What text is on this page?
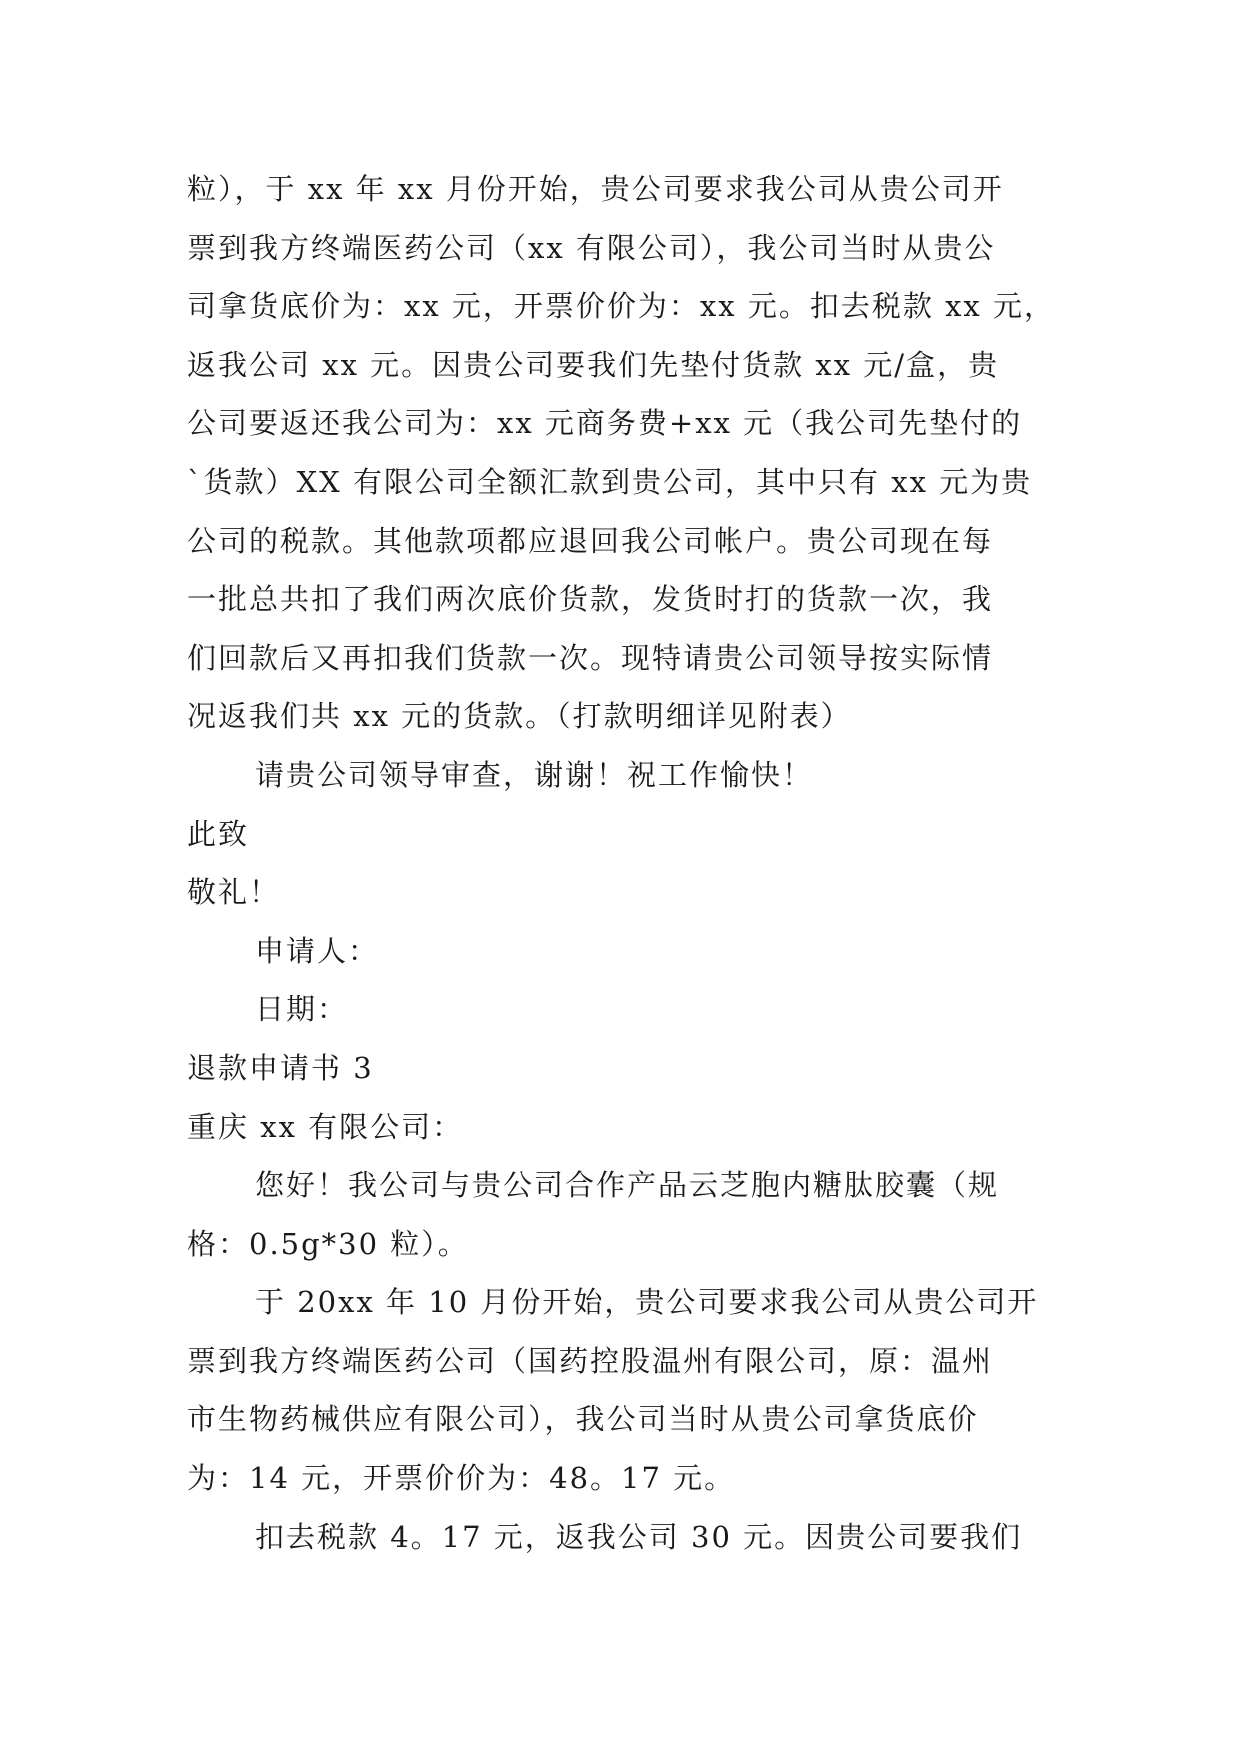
粒），于 xx 年 xx 月份开始，贵公司要求我公司从贵公司开
票到我方终端医药公司（xx 有限公司），我公司当时从贵公
司拿货底价为：xx 元，开票价价为：xx 元。扣去税款 xx 元，
返我公司 xx 元。因贵公司要我们先垫付货款 xx 元/盒，贵
公司要返还我公司为：xx 元商务费+xx 元（我公司先垫付的
`货款）XX 有限公司全额汇款到贵公司，其中只有 xx 元为贵
公司的税款。其他款项都应退回我公司帐户。贵公司现在每
一批总共扣了我们两次底价货款，发货时打的货款一次，我
们回款后又再扣我们货款一次。现特请贵公司领导按实际情
况返我们共 xx 元的货款。（打款明细详见附表）
请贵公司领导审查，谢谢！祝工作愉快！
此致
敬礼！
申请人：
日期：
退款申请书 3
重庆 xx 有限公司：
您好！我公司与贵公司合作产品云芝胞内糖肽胶囊（规
格：0.5g*30 粒）。
于 20xx 年 10 月份开始，贵公司要求我公司从贵公司开
票到我方终端医药公司（国药控股温州有限公司，原：温州
市生物药械供应有限公司），我公司当时从贵公司拿货底价
为：14 元，开票价价为：48。17 元。
扣去税款 4。17 元，返我公司 30 元。因贵公司要我们
